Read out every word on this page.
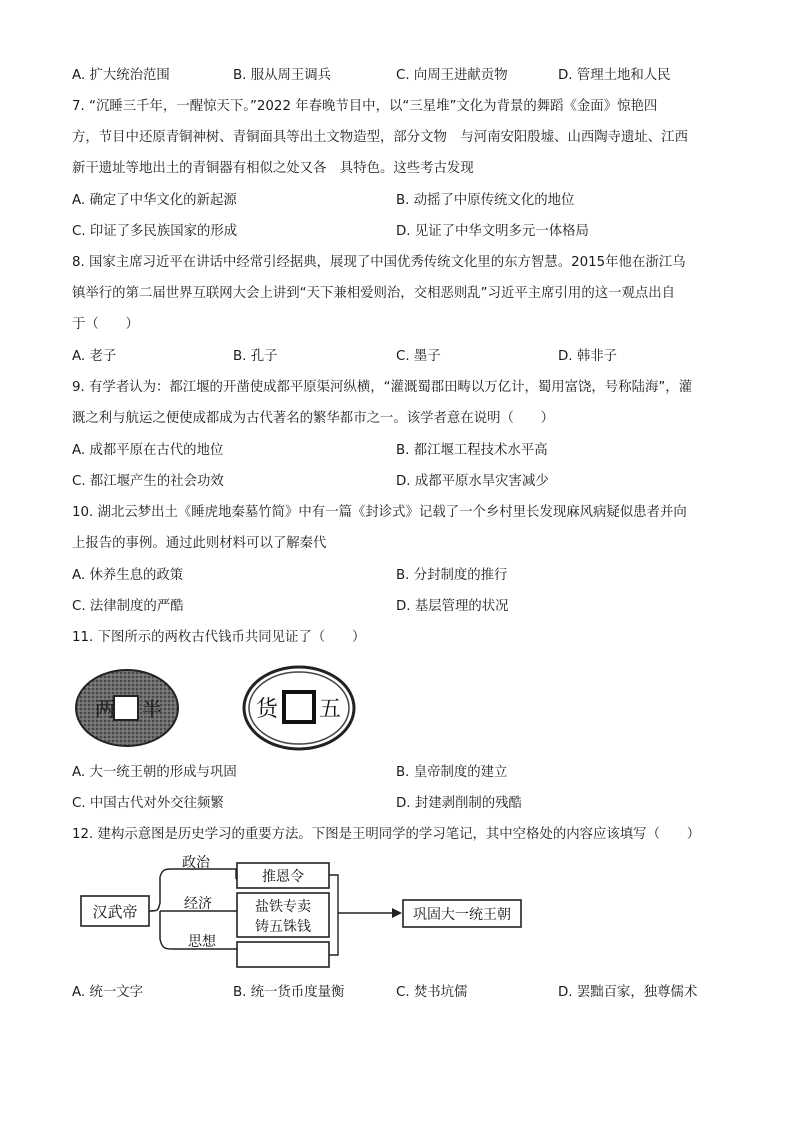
A. 扩大统治范围	B. 服从周王调兵	C. 向周王进献贡物	D. 管理土地和人民
7. “沉睡三千年，一醒惊天下。”2022 年春晚节目中，以“三星堆”文化为背景的舞蹈《金面》惊艳四
方，节目中还原青铜神树、青铜面具等出土文物造型，部分文物　与河南安阳殷墟、山西陶寺遗址、江西
新干遗址等地出土的青铜器有相似之处又各　具特色。这些考古发现
A. 确定了中华文化的新起源	B. 动摇了中原传统文化的地位
C. 印证了多民族国家的形成	D. 见证了中华文明多元一体格局
8. 国家主席习近平在讲话中经常引经据典，展现了中国优秀传统文化里的东方智慧。2015年他在浙江乌
镇举行的第二届世界互联网大会上讲到“天下兼相爱则治，交相恶则乱”习近平主席引用的这一观点出自
于（　　）
A. 老子	B. 孔子	C. 墨子	D. 韩非子
9. 有学者认为：都江堰的开凿使成都平原渠河纵横，“灌溉蜀郡田畴以万亿计，蜀用富饶，号称陆海”，灌
溉之利与航运之便使成都成为古代著名的繁华都市之一。该学者意在说明（　　）
A. 成都平原在古代的地位	B. 都江堰工程技术水平高
C. 都江堰产生的社会功效	D. 成都平原水旱灾害减少
10. 湖北云梦出土《睡虎地秦墓竹简》中有一篇《封诊式》记载了一个乡村里长发现麻风病疑似患者并向
上报告的事例。通过此则材料可以了解秦代
A. 休养生息的政策	B. 分封制度的推行
C. 法律制度的严酷	D. 基层管理的状况
11. 下图所示的两枚古代钱币共同见证了（　　）
两 半	货 五
A. 大一统王朝的形成与巩固	B. 皇帝制度的建立
C. 中国古代对外交往频繁	D. 封建剥削制的残酷
12. 建构示意图是历史学习的重要方法。下图是王明同学的学习笔记，其中空格处的内容应该填写（　　）
汉武帝
政治
推恩令
经济	盐铁专卖
铸五铢钱
思想
巩固大一统王朝
A. 统一文字	B. 统一货币度量衡	C. 焚书坑儒	D. 罢黜百家，独尊儒术
